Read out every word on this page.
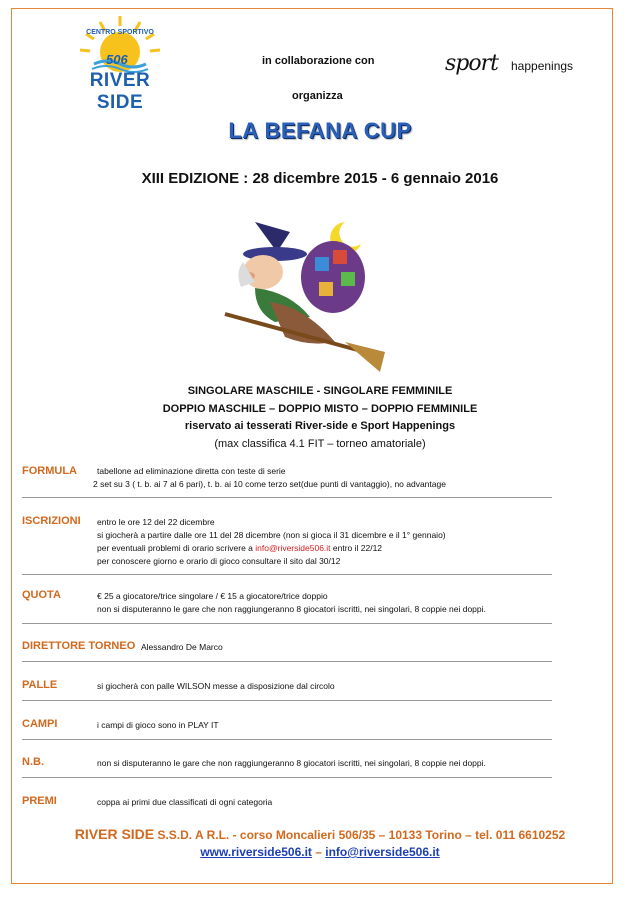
CENTRO SPORTIVO
506
RIVER SIDE
in collaborazione con
organizza
sport happenings
LA BEFANA CUP
XIII EDIZIONE : 28 dicembre 2015 - 6 gennaio 2016
SINGOLARE MASCHILE - SINGOLARE FEMMINILE
DOPPIO MASCHILE – DOPPIO MISTO – DOPPIO FEMMINILE
riservato ai tesserati River-side e Sport Happenings
(max classifica 4.1 FIT – torneo amatoriale)
FORMULA tabellone ad eliminazione diretta con teste di serie
2 set su 3 ( t. b. ai 7 al 6 pari), t. b. ai 10 come terzo set(due punti di vantaggio), no advantage
ISCRIZIONI entro le ore 12 del 22 dicembre
si giocherà a partire dalle ore 11 del 28 dicembre (non si gioca il 31 dicembre e il 1° gennaio)
per eventuali problemi di orario scrivere a info@riverside506.it entro il 22/12
per conoscere giorno e orario di gioco consultare il sito dal 30/12
QUOTA	€ 25 a giocatore/trice singolare / € 15 a giocatore/trice doppio
non si disputeranno le gare che non raggiungeranno 8 giocatori iscritti, nei singolari, 8 coppie nei doppi.
DIRETTORE TORNEO Alessandro De Marco
PALLE	si giocherà con palle WILSON messe a disposizione dal circolo
CAMPI	i campi di gioco sono in PLAY IT
N.B.	non si disputeranno le gare che non raggiungeranno 8 giocatori iscritti, nei singolari, 8 coppie nei doppi.
PREMI	coppa ai primi due classificati di ogni categoria
RIVER SIDE S.S.D. A R.L. - corso Moncalieri 506/35 – 10133 Torino – tel. 011 6610252
www.riverside506.it – info@riverside506.it
